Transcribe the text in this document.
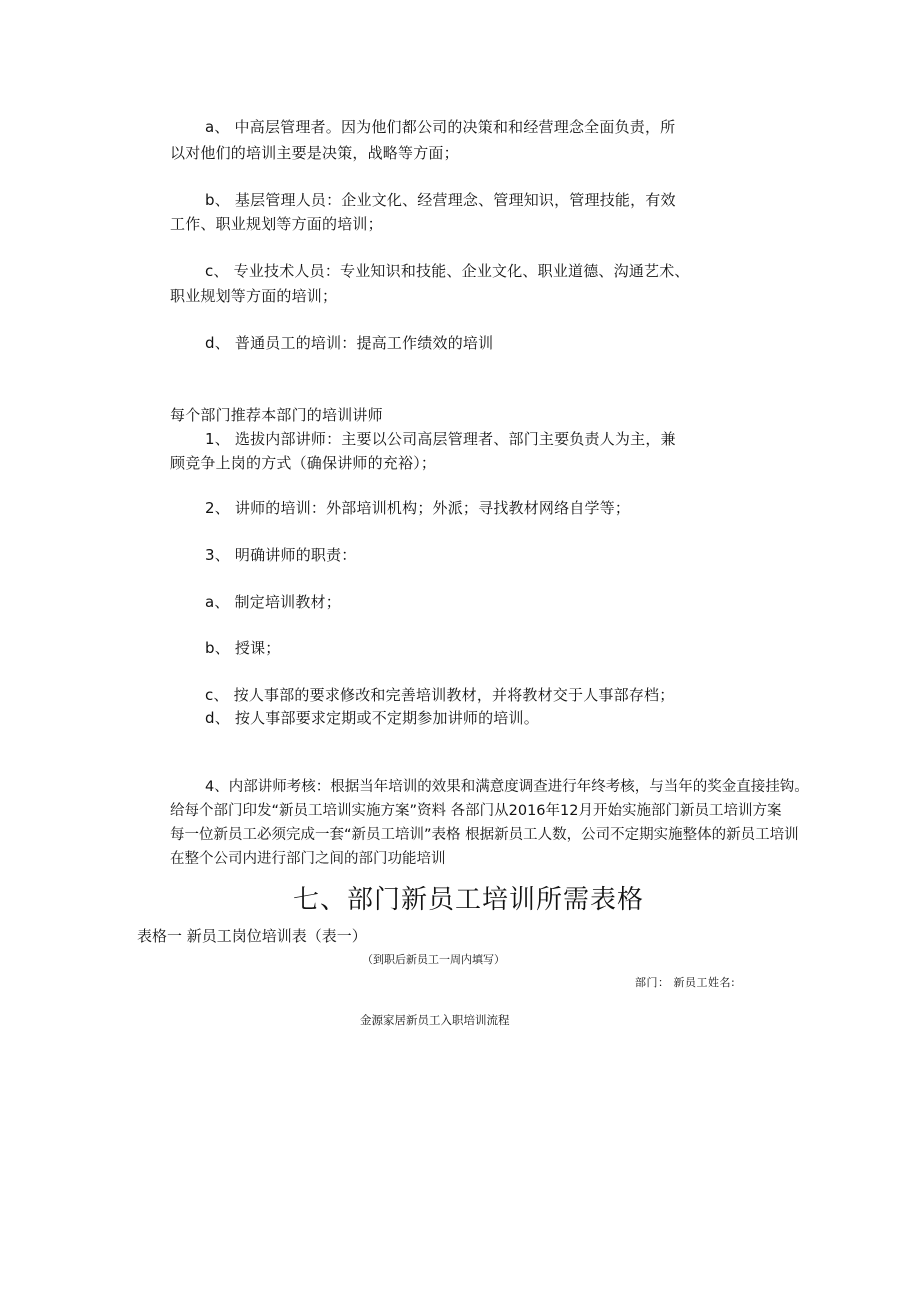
a、 中高层管理者。因为他们都公司的决策和和经营理念全面负责，所
以对他们的培训主要是决策，战略等方面；
b、 基层管理人员：企业文化、经营理念、管理知识，管理技能，有效
工作、职业规划等方面的培训；
c、 专业技术人员：专业知识和技能、企业文化、职业道德、沟通艺术、
职业规划等方面的培训；
d、 普通员工的培训：提高工作绩效的培训
每个部门推荐本部门的培训讲师
1、 选拔内部讲师：主要以公司高层管理者、部门主要负责人为主，兼
顾竞争上岗的方式（确保讲师的充裕）；
2、 讲师的培训：外部培训机构；外派；寻找教材网络自学等；
3、 明确讲师的职责：
a、 制定培训教材；
b、 授课；
c、 按人事部的要求修改和完善培训教材，并将教材交于人事部存档；
d、 按人事部要求定期或不定期参加讲师的培训。
4、内部讲师考核：根据当年培训的效果和满意度调查进行年终考核，与当年的奖金直接挂钩。
给每个部门印发“新员工培训实施方案”资料 各部门从2016年12月开始实施部门新员工培训方案
每一位新员工必须完成一套“新员工培训”表格 根据新员工人数，公司不定期实施整体的新员工培训
在整个公司内进行部门之间的部门功能培训
七、部门新员工培训所需表格
表格一 新员工岗位培训表（表一）
（到职后新员工一周内填写）
部门： 新员工姓名:
金源家居新员工入职培训流程
